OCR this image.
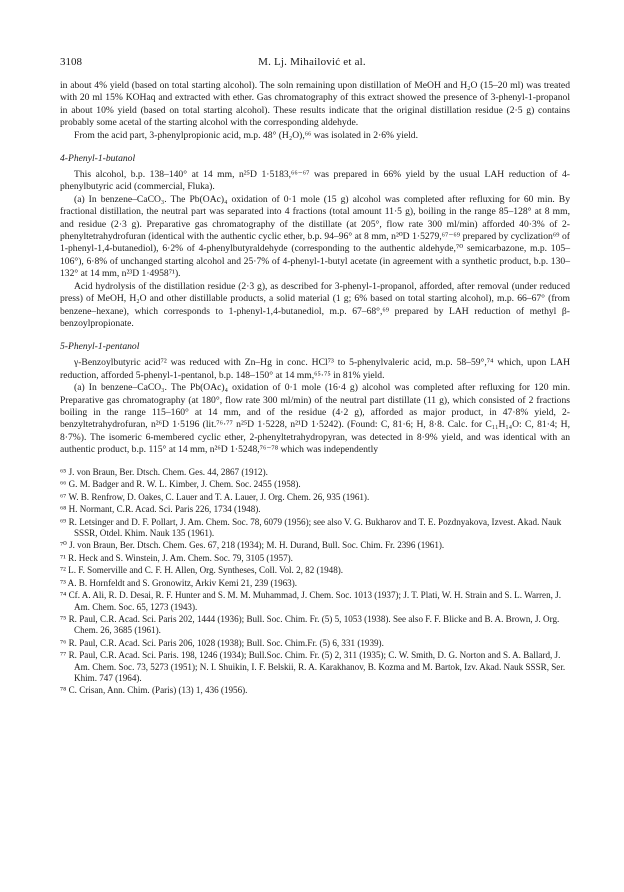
3108	M. Lj. Mihailović et al.

in about 4% yield (based on total starting alcohol). The soln remaining upon distillation of MeOH and H₂O (15–20 ml) was treated with 20 ml 15% KOHaq and extracted with ether. Gas chromatography of this extract showed the presence of 3-phenyl-1-propanol in about 10% yield (based on total starting alcohol). These results indicate that the original distillation residue (2·5 g) contains probably some acetal of the starting alcohol with the corresponding aldehyde.

From the acid part, 3-phenylpropionic acid, m.p. 48° (H₂O),⁶⁶ was isolated in 2·6% yield.

4-Phenyl-1-butanol

This alcohol, b.p. 138–140° at 14 mm, n²⁵D 1·5183,⁶⁶⁻⁶⁷ was prepared in 66% yield by the usual LAH reduction of 4-phenylbutyric acid (commercial, Fluka).

(a) In benzene–CaCO₃. The Pb(OAc)₄ oxidation of 0·1 mole (15 g) alcohol was completed after refluxing for 60 min. By fractional distillation, the neutral part was separated into 4 fractions (total amount 11·5 g), boiling in the range 85–128° at 8 mm, and residue (2·3 g). Preparative gas chromatography of the distillate (at 205°, flow rate 300 ml/min) afforded 40·3% of 2-phenyltetrahydrofuran (identical with the authentic cyclic ether, b.p. 94–96° at 8 mm, n²⁰D 1·5279,⁶⁷⁻⁶⁹ prepared by cyclization⁶⁹ of 1-phenyl-1,4-butanediol), 6·2% of 4-phenylbutyraldehyde (corresponding to the authentic aldehyde,⁷⁰ semicarbazone, m.p. 105–106°), 6·8% of unchanged starting alcohol and 25·7% of 4-phenyl-1-butyl acetate (in agreement with a synthetic product, b.p. 130–132° at 14 mm, n²³D 1·4958⁷¹).

Acid hydrolysis of the distillation residue (2·3 g), as described for 3-phenyl-1-propanol, afforded, after removal (under reduced press) of MeOH, H₂O and other distillable products, a solid material (1 g; 6% based on total starting alcohol), m.p. 66–67° (from benzene–hexane), which corresponds to 1-phenyl-1,4-butanediol, m.p. 67–68°,⁶⁹ prepared by LAH reduction of methyl β-benzoylpropionate.

5-Phenyl-1-pentanol

γ-Benzoylbutyric acid⁷² was reduced with Zn–Hg in conc. HCl⁷³ to 5-phenylvaleric acid, m.p. 58–59°,⁷⁴ which, upon LAH reduction, afforded 5-phenyl-1-pentanol, b.p. 148–150° at 14 mm,⁶⁵·⁷⁵ in 81% yield.

(a) In benzene–CaCO₃. The Pb(OAc)₄ oxidation of 0·1 mole (16·4 g) alcohol was completed after refluxing for 120 min. Preparative gas chromatography (at 180°, flow rate 300 ml/min) of the neutral part distillate (11 g), which consisted of 2 fractions boiling in the range 115–160° at 14 mm, and of the residue (4·2 g), afforded as major product, in 47·8% yield, 2-benzyltetrahydrofuran, n²⁶D 1·5196 (lit.⁷⁶·⁷⁷ n²⁵D 1·5228, n²¹D 1·5242). (Found: C, 81·6; H, 8·8. Calc. for C₁₁H₁₄O: C, 81·4; H, 8·7%). The isomeric 6-membered cyclic ether, 2-phenyltetrahydropyran, was detected in 8·9% yield, and was identical with an authentic product, b.p. 115° at 14 mm, n²⁶D 1·5248,⁷⁶⁻⁷⁸ which was independently

⁶⁵ J. von Braun, Ber. Dtsch. Chem. Ges. 44, 2867 (1912).

⁶⁶ G. M. Badger and R. W. L. Kimber, J. Chem. Soc. 2455 (1958).

⁶⁷ W. B. Renfrow, D. Oakes, C. Lauer and T. A. Lauer, J. Org. Chem. 26, 935 (1961).

⁶⁸ H. Normant, C.R. Acad. Sci. Paris 226, 1734 (1948).

⁶⁹ R. Letsinger and D. F. Pollart, J. Am. Chem. Soc. 78, 6079 (1956); see also V. G. Bukharov and T. E. Pozdnyakova, Izvest. Akad. Nauk SSSR, Otdel. Khim. Nauk 135 (1961).

⁷⁰ J. von Braun, Ber. Dtsch. Chem. Ges. 67, 218 (1934); M. H. Durand, Bull. Soc. Chim. Fr. 2396 (1961).

⁷¹ R. Heck and S. Winstein, J. Am. Chem. Soc. 79, 3105 (1957).

⁷² L. F. Somerville and C. F. H. Allen, Org. Syntheses, Coll. Vol. 2, 82 (1948).

⁷³ A. B. Hornfeldt and S. Gronowitz, Arkiv Kemi 21, 239 (1963).

⁷⁴ Cf. A. Ali, R. D. Desai, R. F. Hunter and S. M. M. Muhammad, J. Chem. Soc. 1013 (1937); J. T. Plati, W. H. Strain and S. L. Warren, J. Am. Chem. Soc. 65, 1273 (1943).

⁷⁵ R. Paul, C.R. Acad. Sci. Paris 202, 1444 (1936); Bull. Soc. Chim. Fr. (5) 5, 1053 (1938). See also F. F. Blicke and B. A. Brown, J. Org. Chem. 26, 3685 (1961).

⁷⁶ R. Paul, C.R. Acad. Sci. Paris 206, 1028 (1938); Bull. Soc. Chim.Fr. (5) 6, 331 (1939).

⁷⁷ R. Paul, C.R. Acad. Sci. Paris. 198, 1246 (1934); Bull.Soc. Chim. Fr. (5) 2, 311 (1935); C. W. Smith, D. G. Norton and S. A. Ballard, J. Am. Chem. Soc. 73, 5273 (1951); N. I. Shuikin, I. F. Belskii, R. A. Karakhanov, B. Kozma and M. Bartok, Izv. Akad. Nauk SSSR, Ser. Khim. 747 (1964).

⁷⁸ C. Crisan, Ann. Chim. (Paris) (13) 1, 436 (1956).
